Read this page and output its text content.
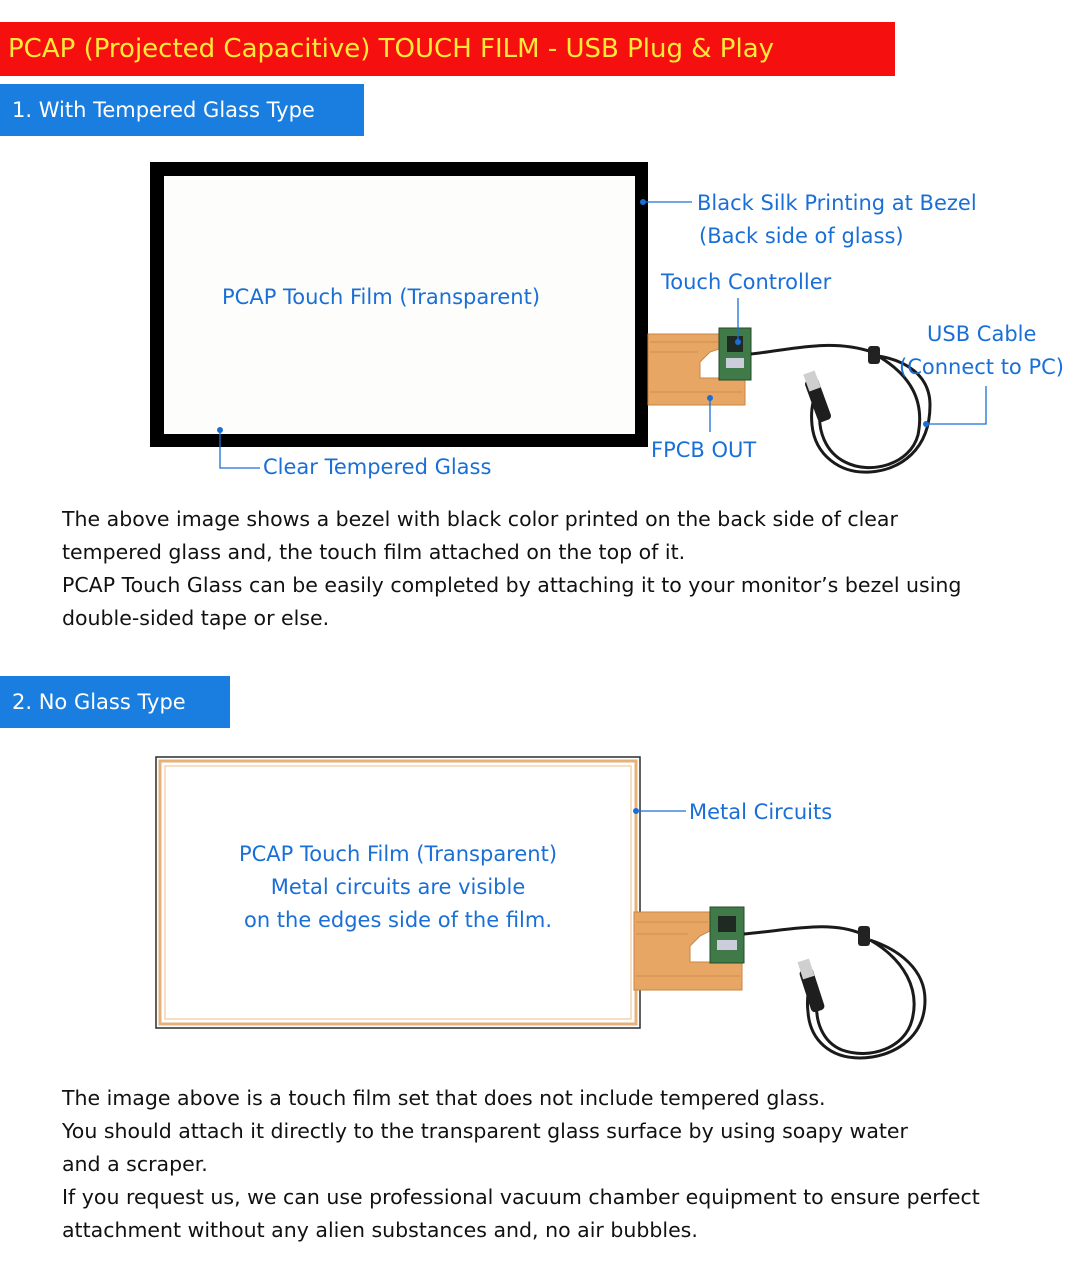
PCAP (Projected Capacitive) TOUCH FILM - USB Plug & Play
1. With Tempered Glass Type
2. No Glass Type
PCAP Touch Film (Transparent)
Black Silk Printing at Bezel
(Back side of glass)
Touch Controller
USB Cable
(Connect to PC)
FPCB OUT
Clear Tempered Glass
The above image shows a bezel with black color printed on the back side of clear
tempered glass and, the touch film attached on the top of it.
PCAP Touch Glass can be easily completed by attaching it to your monitor’s bezel using
double-sided tape or else.
Metal Circuits
PCAP Touch Film (Transparent)
Metal circuits are visible
on the edges side of the film.
The image above is a touch film set that does not include tempered glass.
You should attach it directly to the transparent glass surface by using soapy water
and a scraper.
If you request us, we can use professional vacuum chamber equipment to ensure perfect
attachment without any alien substances and, no air bubbles.
